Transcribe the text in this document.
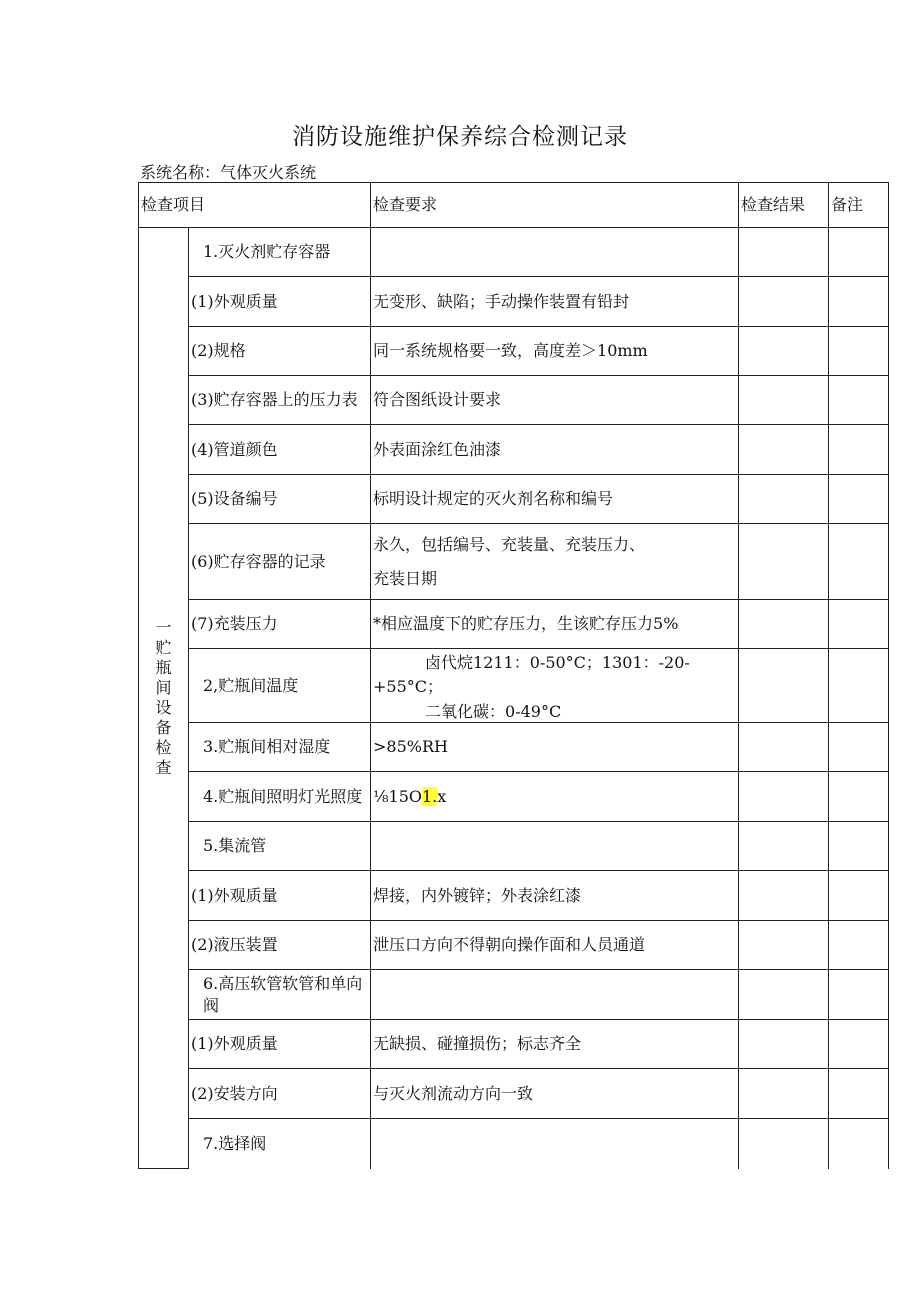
消防设施维护保养综合检测记录
系统名称：气体灭火系统
检查项目		检查要求	检查结果	备注

一贮瓶间设备检查	1.灭火剂贮存容器			
	(1)外观质量	无变形、缺陷；手动操作装置有铅封		
	(2)规格	同一系统规格要一致，高度差＞10mm		
	(3)贮存容器上的压力表	符合图纸设计要求		
	(4)管道颜色	外表面涂红色油漆		
	(5)设备编号	标明设计规定的灭火剂名称和编号		
	(6)贮存容器的记录	永久，包括编号、充装量、充装压力、
充装日期		

	(7)充装压力	*相应温度下的贮存压力，生该贮存压力5%		
	2,贮瓶间温度	卤代烷1211：0-50°C；1301：-20-
+55°C；
二氧化碳：0-49°C		

	3.贮瓶间相对湿度	>85%RH		
	4.贮瓶间照明灯光照度	⅛15O1.x		
	5.集流管			
	(1)外观质量	焊接，内外镀锌；外表涂红漆		
	(2)液压装置	泄压口方向不得朝向操作面和人员通道		
	6.高压软管软管和单向阀			
	(1)外观质量	无缺损、碰撞损伤；标志齐全		
	(2)安装方向	与灭火剂流动方向一致		
	7.选择阀			
